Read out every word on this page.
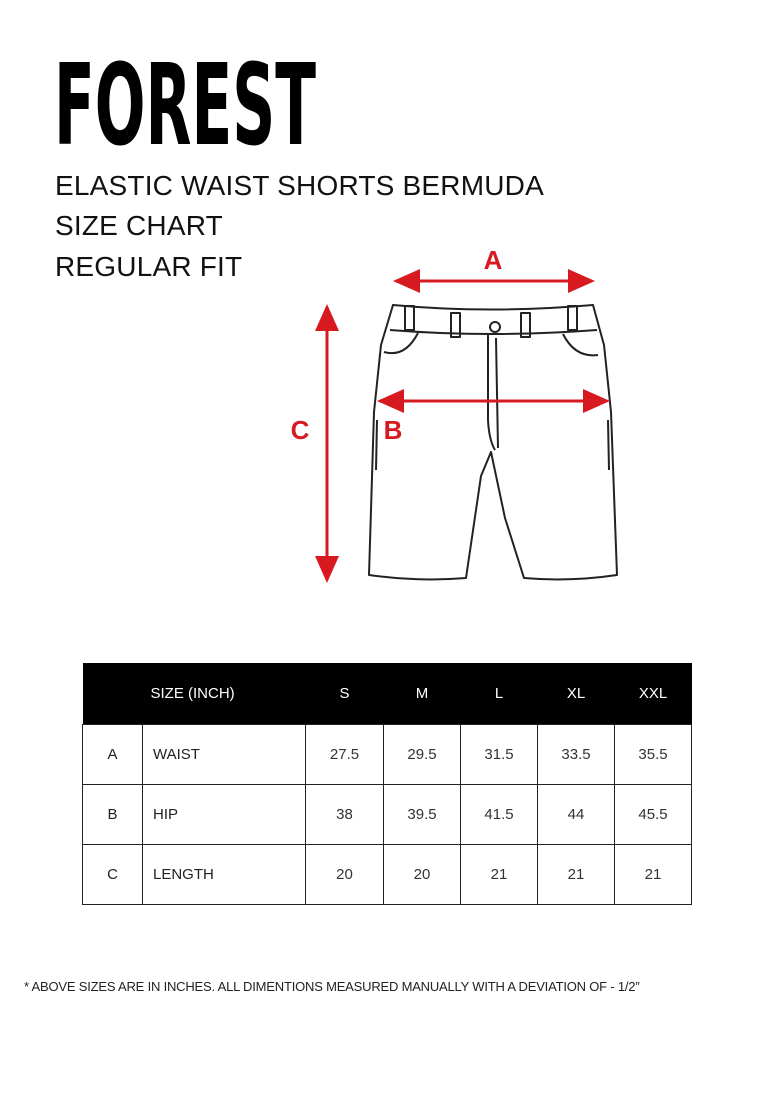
FOREST
ELASTIC WAIST SHORTS BERMUDA
SIZE CHART
REGULAR FIT	A
B
C
	SIZE (INCH)	S	M	L	XL	XXL
A	WAIST	27.5	29.5	31.5	33.5	35.5
B	HIP	38	39.5	41.5	44	45.5
C	LENGTH	20	20	21	21	21
* ABOVE SIZES ARE IN INCHES. ALL DIMENTIONS MEASURED MANUALLY WITH A DEVIATION OF - 1/2”
